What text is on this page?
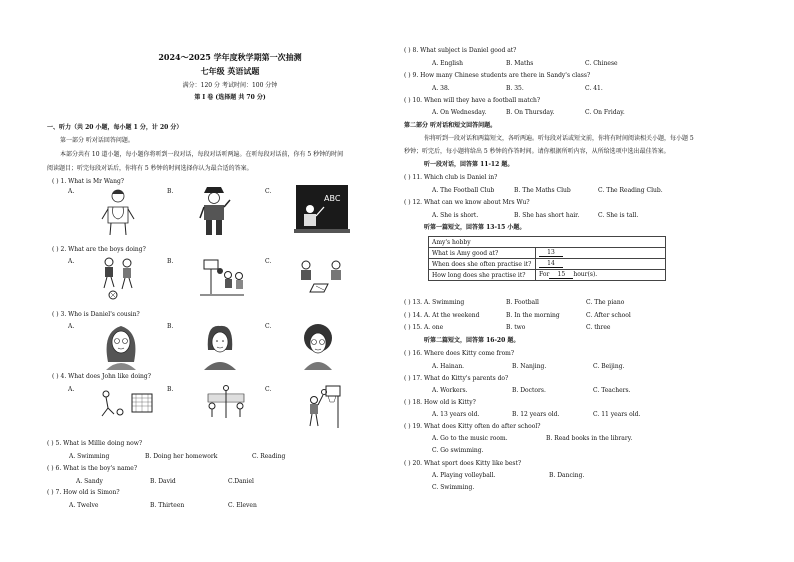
2024～2025 学年度秋学期第一次抽测
七年级 英语试题
满分：120 分 考试时间：100 分钟
第 I 卷 (选择题 共 70 分)
一、听力（共 20 小题，每小题 1 分，计 20 分）
第一部分 听对话回答问题。
本部分共有 10 道小题，每小题你将听到一段对话，每段对话听两遍。在听每段对话前，你有 5 秒钟的时间
阅读题目；听完每段对话后，你将有 5 秒钟的时间选择你认为最合适的答案。
( ) 1. What is Mr Wang?
A.	B.	C.
ABC
( ) 2. What are the boys doing?
A.	B.	C.
( ) 3. Who is Daniel's cousin?
A.	B.	C.
( ) 4. What does John like doing?
A.	B.	C.
( ) 5. What is Millie doing now?
A. Swimming	B. Doing her homework	C. Reading
( ) 6. What is the boy's name?
A. Sandy	B. David	C.Daniel
( ) 7. How old is Simon?
A. Twelve	B. Thirteen	C. Eleven
( ) 8. What subject is Daniel good at?
A. English	B. Maths	C. Chinese
( ) 9. How many Chinese students are there in Sandy's class?
A. 38.	B. 35.	C. 41.
( ) 10. When will they have a football match?
A. On Wednesday.	B. On Thursday.	C. On Friday.
第二部分 听对话和短文回答问题。
你将听到一段对话和两篇短文，各听两遍。听每段对话或短文前，你将有时间阅读相关小题，每小题 5
秒钟；听完后，每小题将给出 5 秒钟的作答时间。请你根据所听内容，从所给选项中选出最佳答案。
听一段对话，回答第 11-12 题。
( ) 11. Which club is Daniel in?
A. The Football Club	B. The Maths Club	C. The Reading Club.
( ) 12. What can we know about Mrs Wu?
A. She is short.	B. She has short hair.	C. She is tall.
听第一篇短文，回答第 13-15 小题。
Amy's hobby	
What is Amy good at?	13
When does she often practise it?	14
How long does she practise it?	For 15 hour(s).
( ) 13. A. Swimming	B. Football	C. The piano
( ) 14. A. At the weekend	B. In the morning	C. After school
( ) 15. A. one	B. two	C. three
听第二篇短文，回答第 16-20 题。
( ) 16. Where does Kitty come from?
A. Hainan.	B. Nanjing.	C. Beijing.
( ) 17. What do Kitty's parents do?
A. Workers.	B. Doctors.	C. Teachers.
( ) 18. How old is Kitty?
A. 13 years old.	B. 12 years old.	C. 11 years old.
( ) 19. What does Kitty often do after school?
A. Go to the music room.	B. Read books in the library.
C. Go swimming.
( ) 20. What sport does Kitty like best?
A. Playing volleyball.	B. Dancing.
C. Swimming.
